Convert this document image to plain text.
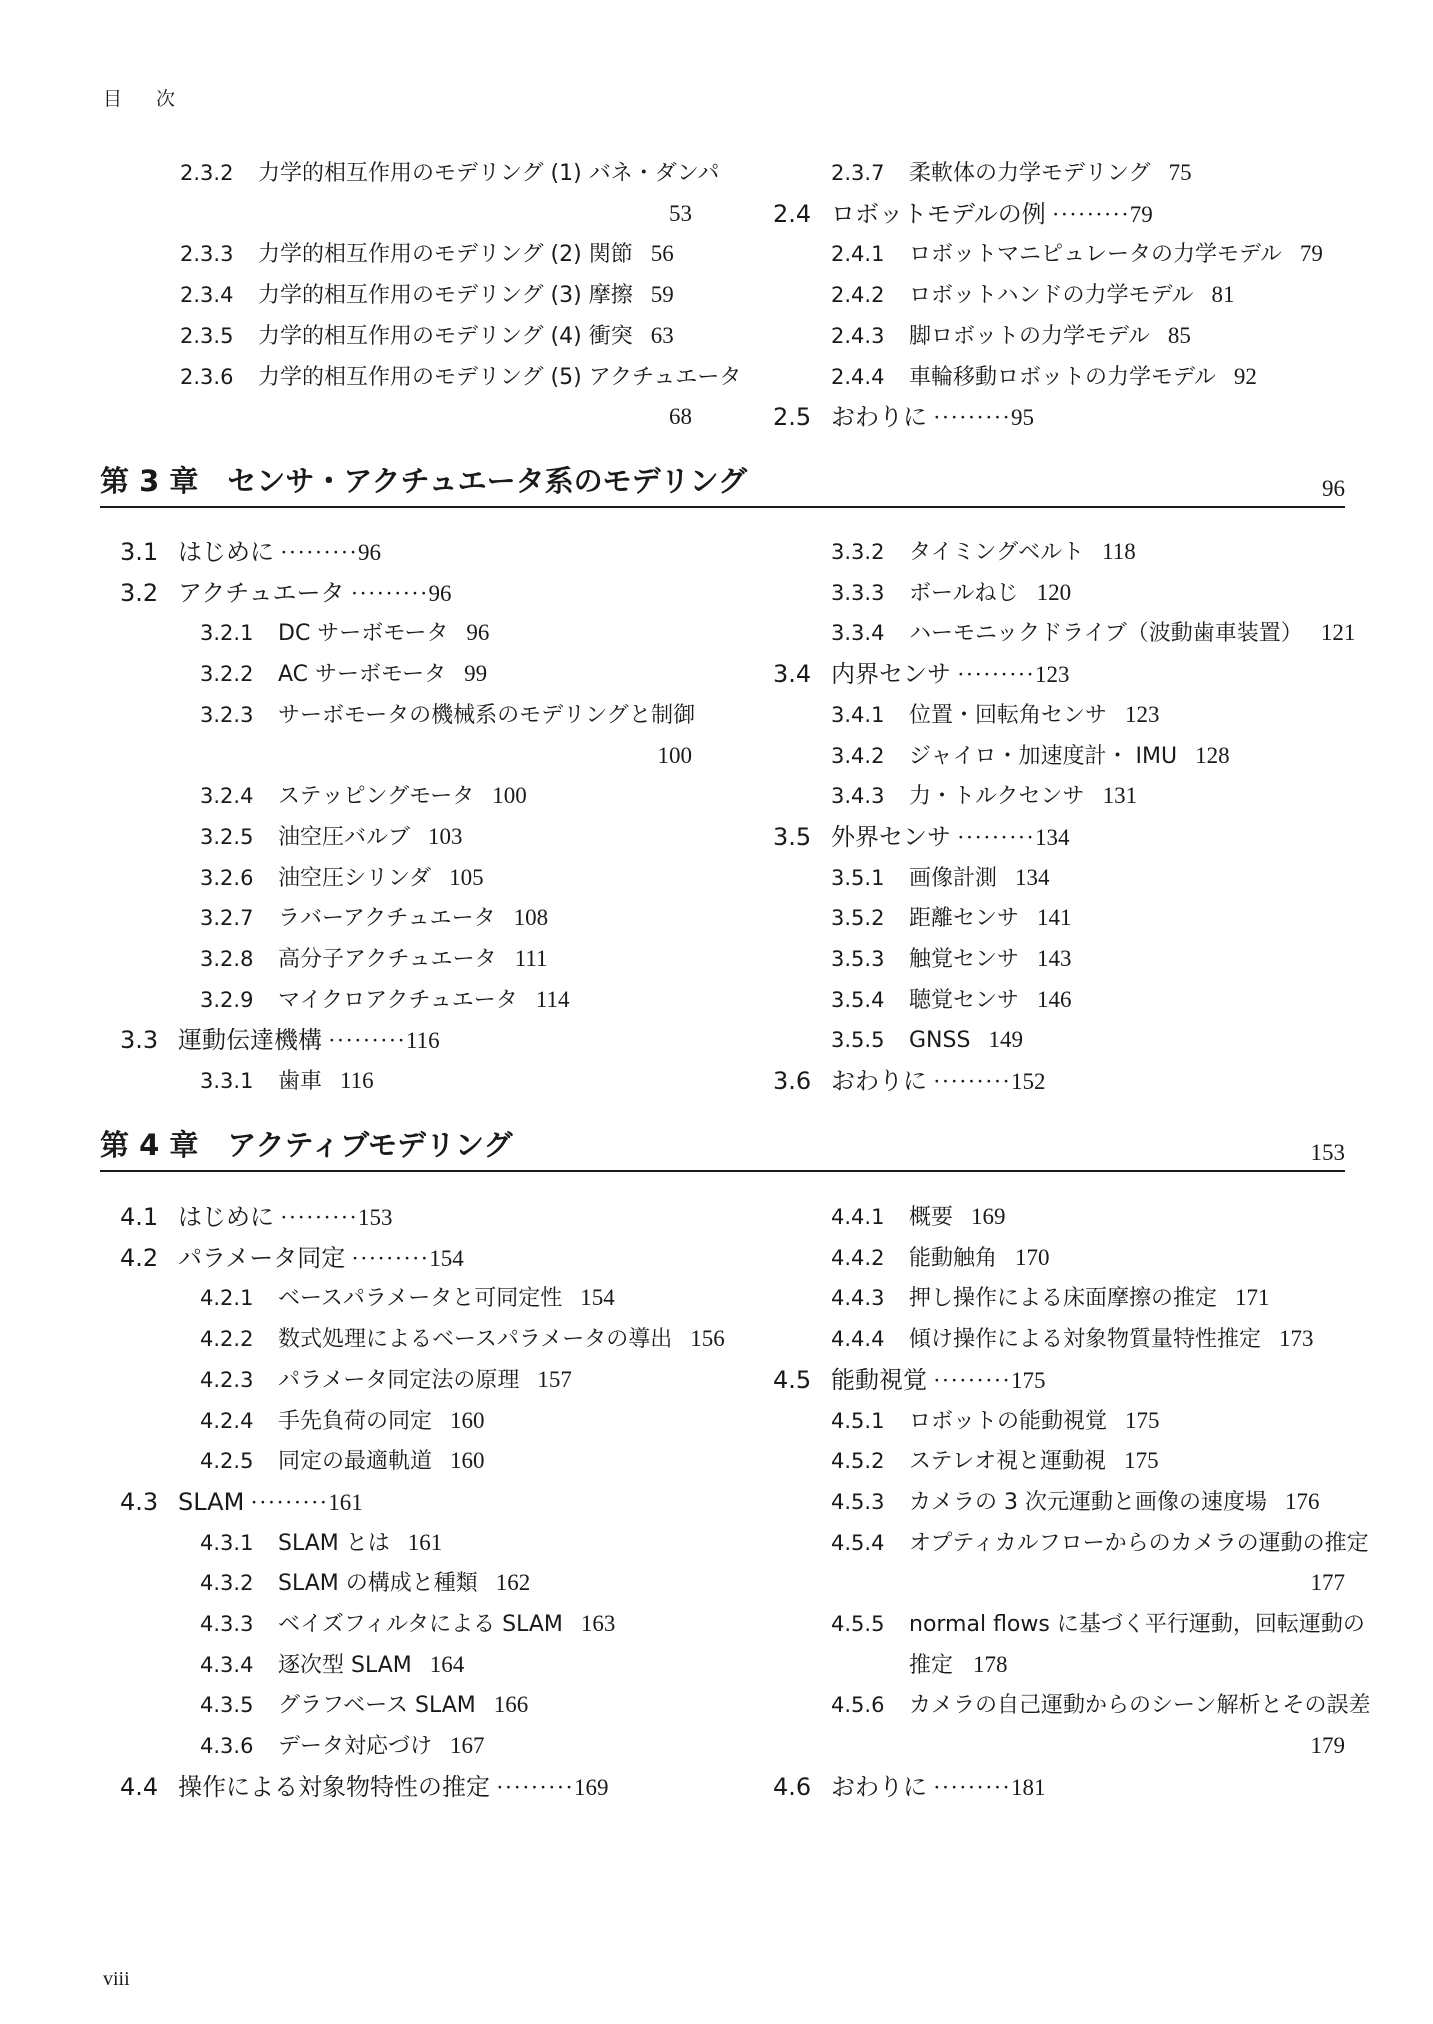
目 次
2.3.2 力学的相互作用のモデリング (1) バネ・ダンパ
53
2.3.3 力学的相互作用のモデリング (2) 関節 56
2.3.4 力学的相互作用のモデリング (3) 摩擦 59
2.3.5 力学的相互作用のモデリング (4) 衝突 63
2.3.6 力学的相互作用のモデリング (5) アクチュエータ
68
2.3.7 柔軟体の力学モデリング 75
2.4 ロボットモデルの例 ·········79
2.4.1 ロボットマニピュレータの力学モデル 79
2.4.2 ロボットハンドの力学モデル 81
2.4.3 脚ロボットの力学モデル 85
2.4.4 車輪移動ロボットの力学モデル 92
2.5 おわりに ·········95
第 3 章　センサ・アクチュエータ系のモデリング	96
3.1 はじめに ·········96
3.2 アクチュエータ ·········96
3.2.1 DC サーボモータ 96
3.2.2 AC サーボモータ 99
3.2.3 サーボモータの機械系のモデリングと制御
100
3.2.4 ステッピングモータ 100
3.2.5 油空圧バルブ 103
3.2.6 油空圧シリンダ 105
3.2.7 ラバーアクチュエータ 108
3.2.8 高分子アクチュエータ 111
3.2.9 マイクロアクチュエータ 114
3.3 運動伝達機構 ·········116
3.3.1 歯車 116
3.3.2 タイミングベルト 118
3.3.3 ボールねじ 120
3.3.4 ハーモニックドライブ（波動歯車装置） 121
3.4 内界センサ ·········123
3.4.1 位置・回転角センサ 123
3.4.2 ジャイロ・加速度計・ IMU 128
3.4.3 力・トルクセンサ 131
3.5 外界センサ ·········134
3.5.1 画像計測 134
3.5.2 距離センサ 141
3.5.3 触覚センサ 143
3.5.4 聴覚センサ 146
3.5.5 GNSS 149
3.6 おわりに ·········152
第 4 章　アクティブモデリング	153
4.1 はじめに ·········153
4.2 パラメータ同定 ·········154
4.2.1 ベースパラメータと可同定性 154
4.2.2 数式処理によるベースパラメータの導出 156
4.2.3 パラメータ同定法の原理 157
4.2.4 手先負荷の同定 160
4.2.5 同定の最適軌道 160
4.3 SLAM ·········161
4.3.1 SLAM とは 161
4.3.2 SLAM の構成と種類 162
4.3.3 ベイズフィルタによる SLAM 163
4.3.4 逐次型 SLAM 164
4.3.5 グラフベース SLAM 166
4.3.6 データ対応づけ 167
4.4 操作による対象物特性の推定 ·········169
4.4.1 概要 169
4.4.2 能動触角 170
4.4.3 押し操作による床面摩擦の推定 171
4.4.4 傾け操作による対象物質量特性推定 173
4.5 能動視覚 ·········175
4.5.1 ロボットの能動視覚 175
4.5.2 ステレオ視と運動視 175
4.5.3 カメラの 3 次元運動と画像の速度場 176
4.5.4 オプティカルフローからのカメラの運動の推定
177
4.5.5 normal flows に基づく平行運動，回転運動の
推定 178
4.5.6 カメラの自己運動からのシーン解析とその誤差
179
4.6 おわりに ·········181
viii
